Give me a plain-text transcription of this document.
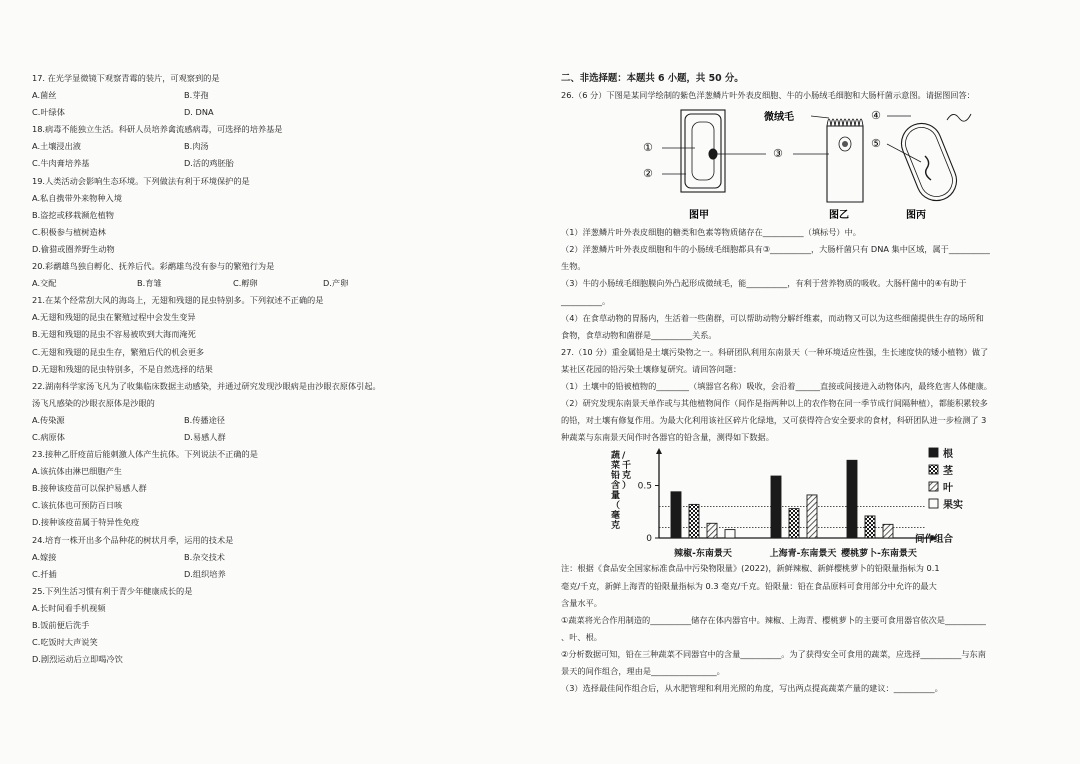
17. 在光学显微镜下观察青霉的装片，可观察到的是
A.菌丝	B.芽孢
C.叶绿体	D. DNA
18.病毒不能独立生活。科研人员培养禽流感病毒，可选择的培养基是
A.土壤浸出液	B.肉汤
C.牛肉膏培养基	D.活的鸡胚胎
19.人类活动会影响生态环境。下列做法有利于环境保护的是
A.私自携带外来物种入境
B.盗挖或移栽濒危植物
C.积极参与植树造林
D.偷猎或圈养野生动物
20.彩鹬雄鸟独自孵化、抚养后代。彩鹬雄鸟没有参与的繁殖行为是
A.交配	B.育雏	C.孵卵	D.产卵
21.在某个经常刮大风的海岛上，无翅和残翅的昆虫特别多。下列叙述不正确的是
A.无翅和残翅的昆虫在繁殖过程中会发生变异
B.无翅和残翅的昆虫不容易被吹到大海而淹死
C.无翅和残翅的昆虫生存，繁殖后代的机会更多
D.无翅和残翅的昆虫特别多，不是自然选择的结果
22.湖南科学家汤飞凡为了收集临床数据主动感染，并通过研究发现沙眼病是由沙眼衣原体引起。
汤飞凡感染的沙眼衣原体是沙眼的
A.传染源	B.传播途径
C.病原体	D.易感人群
23.接种乙肝疫苗后能刺激人体产生抗体。下列说法不正确的是
A.该抗体由淋巴细胞产生
B.接种该疫苗可以保护易感人群
C.该抗体也可预防百日咳
D.接种该疫苗属于特异性免疫
24.培育一株开出多个品种花的树状月季，运用的技术是
A.嫁接	B.杂交技术
C.扦插	D.组织培养
25.下列生活习惯有利于青少年健康成长的是
A.长时间看手机视频
B.饭前便后洗手
C.吃饭时大声说笑
D.剧烈运动后立即喝冷饮
二、非选择题：本题共 6 小题，共 50 分。
26.（6 分）下图是某同学绘制的紫色洋葱鳞片叶外表皮细胞、牛的小肠绒毛细胞和大肠杆菌示意图。请据图回答：
①
②
③
④
⑤
微绒毛
图甲	图乙	图丙
（1）洋葱鳞片叶外表皮细胞的糖类和色素等物质储存在__________（填标号）中。
（2）洋葱鳞片叶外表皮细胞和牛的小肠绒毛细胞都具有③__________，大肠杆菌只有 DNA 集中区域，属于__________
生物。
（3）牛的小肠绒毛细胞膜向外凸起形成微绒毛，能__________，有利于营养物质的吸收。大肠杆菌中的④有助于
__________。
（4）在食草动物的胃肠内，生活着一些菌群，可以帮助动物分解纤维素，而动物又可以为这些细菌提供生存的场所和
食物，食草动物和菌群是__________关系。
27.（10 分）重金属铅是土壤污染物之一。科研团队利用东南景天（一种环境适应性强，生长速度快的矮小植物）做了
某社区花园的铅污染土壤修复研究。请回答问题：
（1）土壤中的铅被植物的________（填器官名称）吸收，会沿着______直接或间接进入动物体内，最终危害人体健康。
（2）研究发现东南景天单作或与其他植物间作（间作是指两种以上的农作物在同一季节成行间隔种植），都能积累较多
的铅，对土壤有修复作用。为最大化利用该社区碎片化绿地，又可获得符合安全要求的食材，科研团队进一步检测了 3
种蔬菜与东南景天间作时各器官的铅含量，测得如下数据。
蔬菜铅含量（毫克/千克）
0
0.5
辣椒-东南景天	上海青-东南景天 樱桃萝卜-东南景天
根
茎
叶
果实
间作组合
注：根据《食品安全国家标准食品中污染物限量》(2022)，新鲜辣椒、新鲜樱桃萝卜的铅限量指标为 0.1
毫克/千克，新鲜上海青的铅限量指标为 0.3 毫克/千克。铅限量：铅在食品原料可食用部分中允许的最大
含量水平。
①蔬菜将光合作用制造的__________储存在体内器官中。辣椒、上海青、樱桃萝卜的主要可食用器官依次是__________
、叶、根。
②分析数据可知，铅在三种蔬菜不同器官中的含量__________。为了获得安全可食用的蔬菜，应选择__________与东南
景天的间作组合，理由是________________。
（3）选择最佳间作组合后，从水肥管理和利用光照的角度，写出两点提高蔬菜产量的建议：__________。
